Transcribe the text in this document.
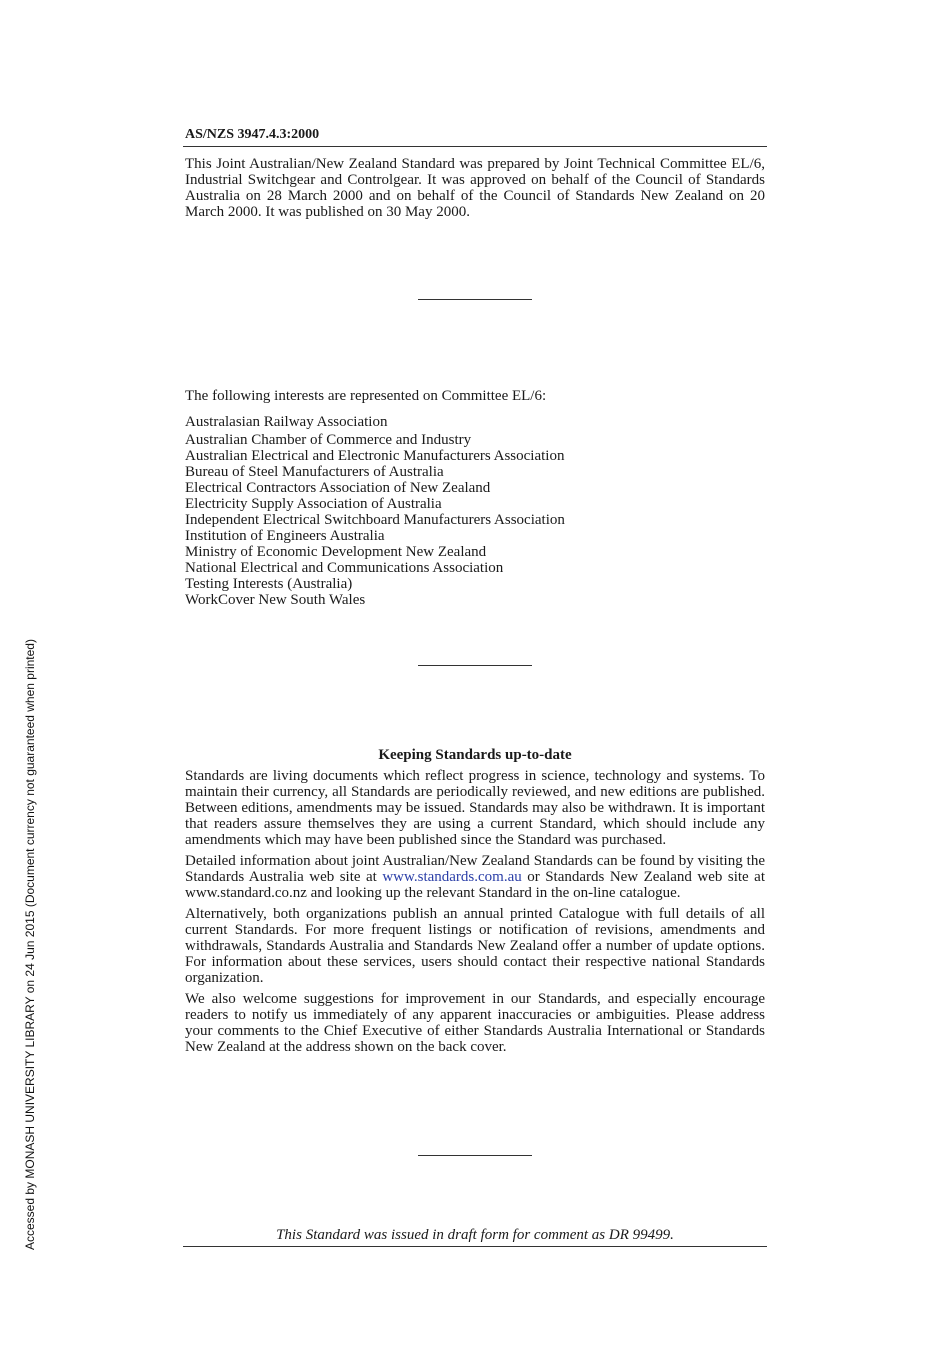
AS/NZS 3947.4.3:2000

This Joint Australian/New Zealand Standard was prepared by Joint Technical Committee EL/6, Industrial Switchgear and Controlgear. It was approved on behalf of the Council of Standards Australia on 28 March 2000 and on behalf of the Council of Standards New Zealand on 20 March 2000. It was published on 30 May 2000.

The following interests are represented on Committee EL/6:

Australasian Railway Association
Australian Chamber of Commerce and Industry
Australian Electrical and Electronic Manufacturers Association
Bureau of Steel Manufacturers of Australia
Electrical Contractors Association of New Zealand
Electricity Supply Association of Australia
Independent Electrical Switchboard Manufacturers Association
Institution of Engineers Australia
Ministry of Economic Development New Zealand
National Electrical and Communications Association
Testing Interests (Australia)
WorkCover New South Wales
Keeping Standards up-to-date

Standards are living documents which reflect progress in science, technology and systems. To maintain their currency, all Standards are periodically reviewed, and new editions are published. Between editions, amendments may be issued. Standards may also be withdrawn. It is important that readers assure themselves they are using a current Standard, which should include any amendments which may have been published since the Standard was purchased.

Detailed information about joint Australian/New Zealand Standards can be found by visiting the Standards Australia web site at www.standards.com.au or Standards New Zealand web site at www.standard.co.nz and looking up the relevant Standard in the on-line catalogue.

Alternatively, both organizations publish an annual printed Catalogue with full details of all current Standards. For more frequent listings or notification of revisions, amendments and withdrawals, Standards Australia and Standards New Zealand offer a number of update options. For information about these services, users should contact their respective national Standards organization.

We also welcome suggestions for improvement in our Standards, and especially encourage readers to notify us immediately of any apparent inaccuracies or ambiguities. Please address your comments to the Chief Executive of either Standards Australia International or Standards New Zealand at the address shown on the back cover.

This Standard was issued in draft form for comment as DR 99499.

Accessed by MONASH UNIVERSITY LIBRARY on 24 Jun 2015 (Document currency not guaranteed when printed)
